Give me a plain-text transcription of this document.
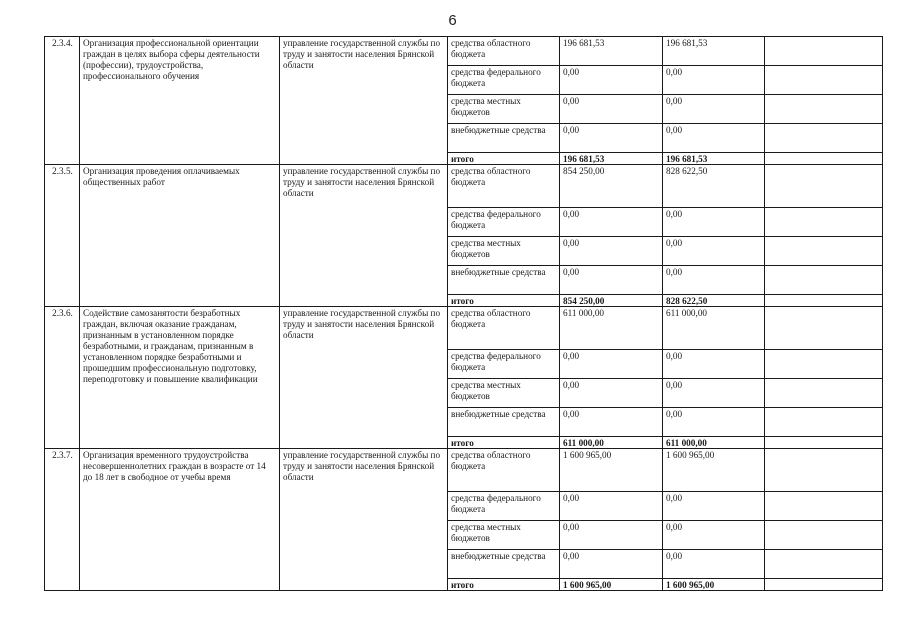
6
2.3.4.	Организация профессиональной ориентации граждан в целях выбора сферы деятельности (профессии), трудоустройства, профессионального обучения	управление государственной службы по труду и занятости населения Брянской области	средства областного бюджета	196 681,53	196 681,53	
			средства федерального бюджета	0,00	0,00	
			средства местных бюджетов	0,00	0,00	
			внебюджетные средства	0,00	0,00	
			итого	196 681,53	196 681,53	
2.3.5.	Организация проведения оплачиваемых общественных работ	управление государственной службы по труду и занятости населения Брянской области	средства областного бюджета	854 250,00	828 622,50	
			средства федерального бюджета	0,00	0,00	
			средства местных бюджетов	0,00	0,00	
			внебюджетные средства	0,00	0,00	
			итого	854 250,00	828 622,50	
2.3.6.	Содействие самозанятости безработных граждан, включая оказание гражданам, признанным в установленном порядке безработными, и гражданам, признанным в установленном порядке безработными и прошедшим профессиональную подготовку, переподготовку и повышение квалификации	управление государственной службы по труду и занятости населения Брянской области	средства областного бюджета	611 000,00	611 000,00	
			средства федерального бюджета	0,00	0,00	
			средства местных бюджетов	0,00	0,00	
			внебюджетные средства	0,00	0,00	
			итого	611 000,00	611 000,00	
2.3.7.	Организация временного трудоустройства несовершеннолетних граждан в возрасте от 14 до 18 лет в свободное от учебы время	управление государственной службы по труду и занятости населения Брянской области	средства областного бюджета	1 600 965,00	1 600 965,00	
			средства федерального бюджета	0,00	0,00	
			средства местных бюджетов	0,00	0,00	
			внебюджетные средства	0,00	0,00	
			итого	1 600 965,00	1 600 965,00	
